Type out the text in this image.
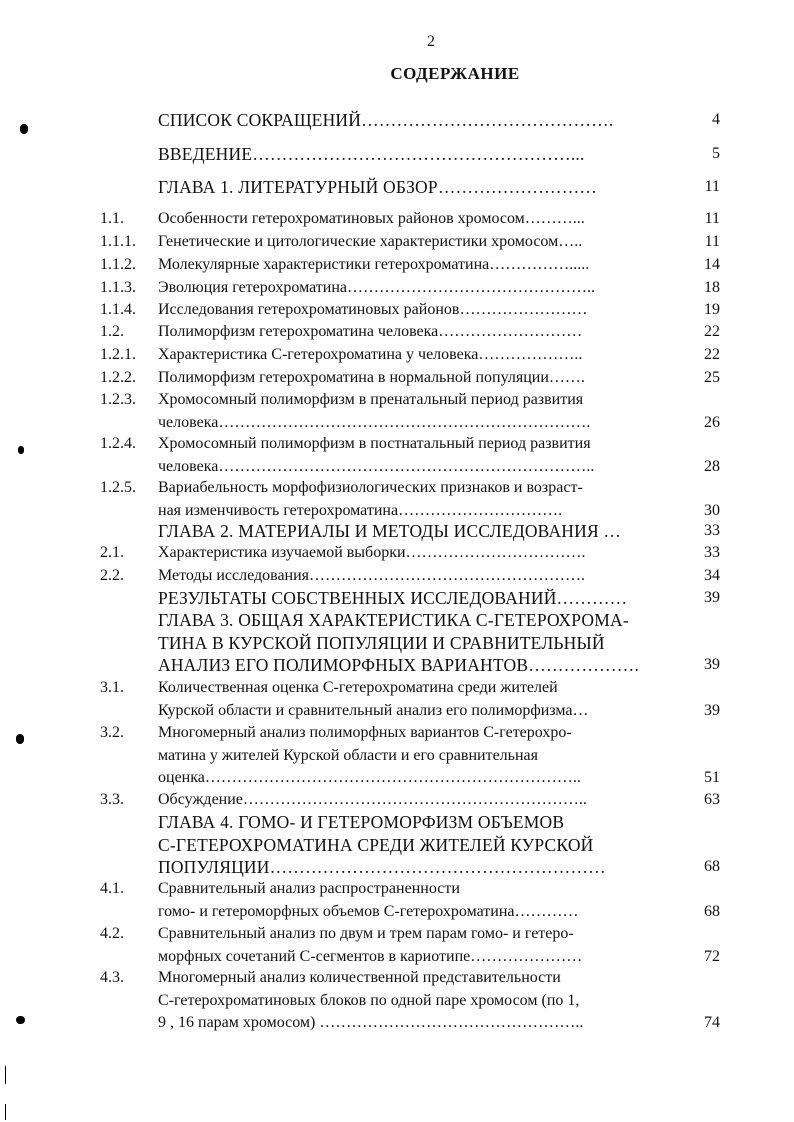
2
СОДЕРЖАНИЕ
СПИСОК СОКРАЩЕНИЙ…………………………………….	4
ВВЕДЕНИЕ………………………………………………...	5
ГЛАВА 1. ЛИТЕРАТУРНЫЙ ОБЗОР………………………	11
1.1. Особенности гетерохроматиновых районов хромосом………...	11
1.1.1. Генетические и цитологические характеристики хромосом…..	11
1.1.2. Молекулярные характеристики гетерохроматина…………….....	14
1.1.3. Эволюция гетерохроматина………………………………………..	18
1.1.4. Исследования гетерохроматиновых районов……………………	19
1.2. Полиморфизм гетерохроматина человека………………………	22
1.2.1. Характеристика С-гетерохроматина у человека………………..	22
1.2.2. Полиморфизм гетерохроматина в нормальной популяции…….	25
1.2.3. Хромосомный полиморфизм в пренатальный период развития
человека…………………………………………………………….	26
1.2.4. Хромосомный полиморфизм в постнатальный период развития
человека……………………………………………………………..	28
1.2.5. Вариабельность морфофизиологических признаков и возраст-
ная изменчивость гетерохроматина………………………….	30
ГЛАВА 2. МАТЕРИАЛЫ И МЕТОДЫ ИССЛЕДОВАНИЯ …	33
2.1. Характеристика изучаемой выборки…………………………….	33
2.2. Методы исследования…………………………………………….	34
РЕЗУЛЬТАТЫ СОБСТВЕННЫХ ИССЛЕДОВАНИЙ…………	39
ГЛАВА 3. ОБЩАЯ ХАРАКТЕРИСТИКА С-ГЕТЕРОХРОМА-
ТИНА В КУРСКОЙ ПОПУЛЯЦИИ И СРАВНИТЕЛЬНЫЙ
АНАЛИЗ ЕГО ПОЛИМОРФНЫХ ВАРИАНТОВ……………….	39
3.1. Количественная оценка С-гетерохроматина среди жителей
Курской области и сравнительный анализ его полиморфизма…	39
3.2. Многомерный анализ полиморфных вариантов С-гетерохро-
матина у жителей Курской области и его сравнительная
оценка……………………………………………………………..	51
3.3. Обсуждение………………………………………………………..	63
ГЛАВА 4. ГОМО- И ГЕТЕРОМОРФИЗМ ОБЪЕМОВ
С-ГЕТЕРОХРОМАТИНА СРЕДИ ЖИТЕЛЕЙ КУРСКОЙ
ПОПУЛЯЦИИ…………………………………………………	68
4.1. Сравнительный анализ распространенности
гомо- и гетероморфных объемов С-гетерохроматина…………	68
4.2. Сравнительный анализ по двум и трем парам гомо- и гетеро-
морфных сочетаний С-сегментов в кариотипе…………………	72
4.3. Многомерный анализ количественной представительности
С-гетерохроматиновых блоков по одной паре хромосом (по 1,
9 , 16 парам хромосом) …………………………………………..	74
